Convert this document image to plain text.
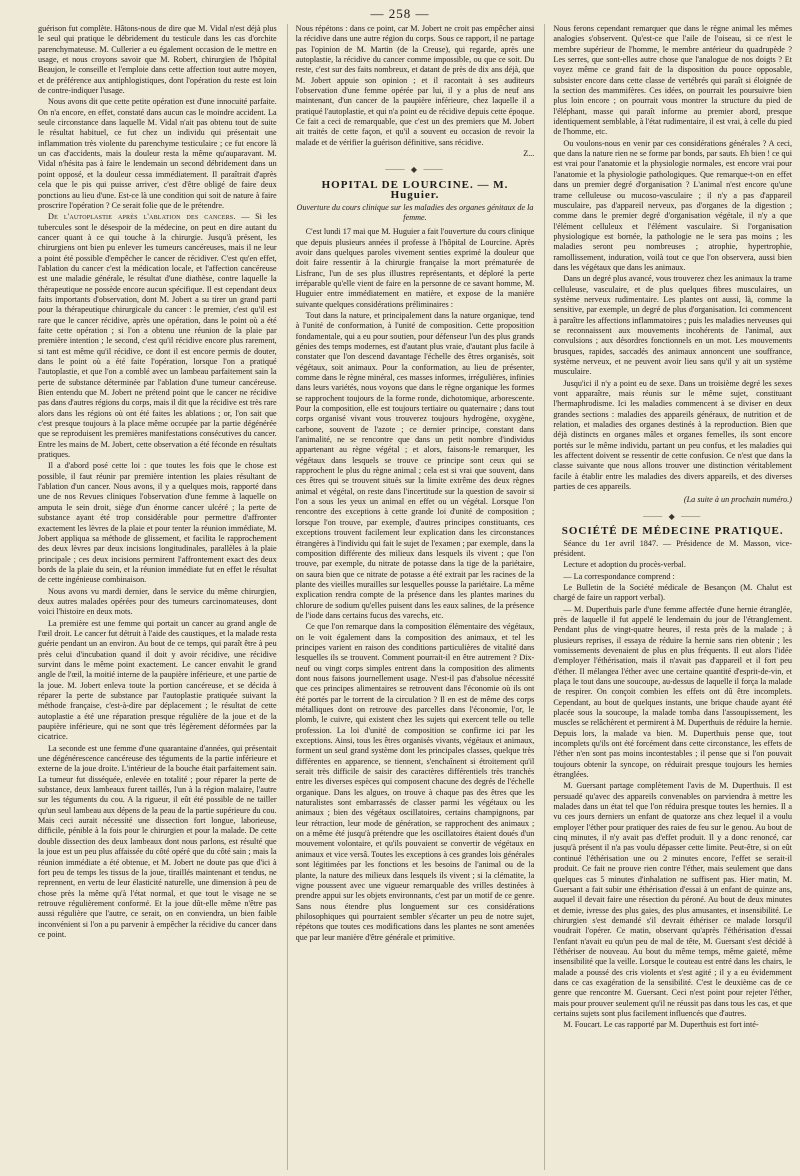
— 258 —

guérison fut complète. Hâtons-nous de dire que M. Vidal n'est déjà plus le seul qui pratique le débridement du testicule dans les cas d'orchite parenchymateuse. M. Cullerier a eu également occasion de le mettre en usage, et nous croyons savoir que M. Robert, chirurgien de l'hôpital Beaujon, le conseille et l'emploie dans cette affection tout autre moyen, et de préférence aux antiphlogistiques, dont l'opération du reste est loin de contre-indiquer l'usage.

Nous avons dit que cette petite opération est d'une innocuité parfaite. On n'a encore, en effet, constaté dans aucun cas le moindre accident. La seule circonstance dans laquelle M. Vidal n'ait pas obtenu tout de suite le résultat habituel, ce fut chez un individu qui présentait une inflammation très violente du parenchyme testiculaire ; ce fut encore là un cas d'accidents, mais la douleur resta la même qu'auparavant. M. Vidal n'hésita pas à faire le lendemain un second débridement dans un point opposé, et la douleur cessa immédiatement. Il paraîtrait d'après cela que le pis qui puisse arriver, c'est d'être obligé de faire deux ponctions au lieu d'une. Est-ce là une condition qui soit de nature à faire proscrire l'opération ? Ce serait folie que de le prétendre.

De l'autoplastie après l'ablation des cancers. — Si les tubercules sont le désespoir de la médecine, on peut en dire autant du cancer quant à ce qui touche à la chirurgie. Jusqu'à présent, les chirurgiens ont bien pu enlever les tumeurs cancéreuses, mais il ne leur a point été possible d'empêcher le cancer de récidiver. C'est qu'en effet, l'ablation du cancer c'est la médication locale, et l'affection cancéreuse est une maladie générale, le résultat d'une diathèse, contre laquelle la thérapeutique ne possède encore aucun spécifique. Il est cependant deux faits importants d'observation, dont M. Jobert a su tirer un grand parti pour la thérapeutique chirurgicale du cancer : le premier, c'est qu'il est rare que le cancer récidive, après une opération, dans le point où a été faite cette opération ; si l'on a obtenu une réunion de la plaie par première intention ; le second, c'est qu'il récidive encore plus rarement, si tant est même qu'il récidive, ce dont il est encore permis de douter, dans le point où a été faite l'opération, lorsque l'on a pratiqué l'autoplastie, et que l'on a comblé avec un lambeau parfaitement sain la perte de substance déterminée par l'ablation d'une tumeur cancéreuse. Bien entendu que M. Jobert ne prétend point que le cancer ne récidive pas dans d'autres régions du corps, mais il dit que la récidive est très rare alors dans les régions où ont été faites les ablations ; or, l'on sait que c'est presque toujours à la place même occupée par la partie dégénérée que se reproduisent les premières manifestations consécutives du cancer. Entre les mains de M. Jobert, cette observation a été féconde en résultats pratiques.

Il a d'abord posé cette loi : que toutes les fois que le chose est possible, il faut réunir par première intention les plaies résultant de l'ablation d'un cancer. Nous avons, il y a quelques mois, rapporté dans une de nos Revues cliniques l'observation d'une femme à laquelle on amputa le sein droit, siège d'un énorme cancer ulcéré ; la perte de substance ayant été trop considérable pour permettre d'affronter exactement les lèvres de la plaie et pour tenter la réunion immédiate, M. Jobert appliqua sa méthode de glissement, et facilita le rapprochement des deux lèvres par deux incisions longitudinales, parallèles à la plaie principale ; ces deux incisions permirent l'affrontement exact des deux bords de la plaie du sein, et la réunion immédiate fut en effet le résultat de cette ingénieuse combinaison.

Nous avons vu mardi dernier, dans le service du même chirurgien, deux autres malades opérées pour des tumeurs carcinomateuses, dont voici l'histoire en deux mots.

La première est une femme qui portait un cancer au grand angle de l'œil droit. Le cancer fut détruit à l'aide des caustiques, et la malade resta guérie pendant un an environ. Au bout de ce temps, qui paraît être à peu près celui d'incubation quand il doit y avoir récidive, une récidive survint dans le même point exactement. Le cancer envahit le grand angle de l'œil, la moitié interne de la paupière inférieure, et une partie de la joue. M. Jobert enleva toute la portion cancéreuse, et se décida à réparer la perte de substance par l'autoplastie pratiquée suivant la méthode française, c'est-à-dire par déplacement ; le résultat de cette autoplastie a été une réparation presque régulière de la joue et de la paupière inférieure, qui ne sont que très légèrement déformées par la cicatrice.

La seconde est une femme d'une quarantaine d'années, qui présentait une dégénérescence cancéreuse des téguments de la partie inférieure et externe de la joue droite. L'intérieur de la bouche était parfaitement sain. La tumeur fut disséquée, enlevée en totalité ; pour réparer la perte de substance, deux lambeaux furent taillés, l'un à la région malaire, l'autre sur les téguments du cou. A la rigueur, il eût été possible de ne tailler qu'un seul lambeau aux dépens de la peau de la partie supérieure du cou. Mais ceci aurait nécessité une dissection fort longue, laborieuse, difficile, pénible à la fois pour le chirurgien et pour la malade. De cette double dissection des deux lambeaux dont nous parlons, est résulté que la joue est un peu plus affaissée du côté opéré que du côté sain ; mais la réunion immédiate a été obtenue, et M. Jobert ne doute pas que d'ici à fort peu de temps les tissus de la joue, tiraillés maintenant et tendus, ne reprennent, en vertu de leur élasticité naturelle, une dimension à peu de chose près la même qu'à l'état normal, et que tout le visage ne se retrouve régulièrement conformé. Et la joue dût-elle même n'être pas aussi régulière que l'autre, ce serait, on en conviendra, un bien faible inconvénient si l'on a pu parvenir à empêcher la récidive du cancer dans ce point.

Nous répétons : dans ce point, car M. Jobert ne croit pas empêcher ainsi la récidive dans une autre région du corps. Sous ce rapport, il ne partage pas l'opinion de M. Martin (de la Creuse), qui regarde, après une autoplastie, la récidive du cancer comme impossible, ou que ce soit. Du reste, c'est sur des faits nombreux, et datant de près de dix ans déjà, que M. Jobert appuie son opinion ; et il racontait à ses auditeurs l'observation d'une femme opérée par lui, il y a plus de neuf ans maintenant, d'un cancer de la paupière inférieure, chez laquelle il a pratiqué l'autoplastie, et qui n'a point eu de récidive depuis cette époque. Ce fait a ceci de remarquable, que c'est un des premiers que M. Jobert ait traités de cette façon, et qu'il a souvent eu occasion de revoir la malade et de vérifier la guérison définitive, sans récidive.

Z...

⸻ ◆ ⸻
HOPITAL DE LOURCINE. — M. Huguier.
Ouverture du cours clinique sur les maladies des organes génitaux de la femme.

C'est lundi 17 mai que M. Huguier a fait l'ouverture du cours clinique que depuis plusieurs années il professe à l'hôpital de Lourcine. Après avoir dans quelques paroles vivement senties exprimé la douleur que doit faire ressentir à la chirurgie française la mort prématurée de Lisfranc, l'un de ses plus illustres représentants, et déploré la perte irréparable qu'elle vient de faire en la personne de ce savant homme, M. Huguier entre immédiatement en matière, et expose de la manière suivante quelques considérations préliminaires :

Tout dans la nature, et principalement dans la nature organique, tend à l'unité de conformation, à l'unité de composition. Cette proposition fondamentale, qui a eu pour soutien, pour défenseur l'un des plus grands génies des temps modernes, est d'autant plus vraie, d'autant plus facile à constater que l'on descend davantage l'échelle des êtres organisés, soit végétaux, soit animaux. Pour la conformation, au lieu de présenter, comme dans le règne minéral, ces masses informes, irrégulières, infinies dans leurs variétés, nous voyons que dans le règne organique les formes se rapprochent toujours de la forme ronde, dichotomique, arborescente. Pour la composition, elle est toujours tertiaire ou quaternaire ; dans tout corps organisé vivant vous trouverez toujours hydrogène, oxygène, carbone, souvent de l'azote ; ce dernier principe, constant dans l'animalité, ne se rencontre que dans un petit nombre d'individus appartenant au règne végétal ; et alors, faisons-le remarquer, les végétaux dans lesquels se trouve ce principe sont ceux qui se rapprochent le plus du règne animal ; cela est si vrai que souvent, dans ces êtres qui se trouvent situés sur la limite extrême des deux règnes animal et végétal, on reste dans l'incertitude sur la question de savoir si l'on a sous les yeux un animal en effet ou un végétal. Lorsque l'on rencontre des exceptions à cette grande loi d'unité de composition ; lorsque l'on trouve, par exemple, d'autres principes constituants, ces exceptions trouvent facilement leur explication dans les circonstances étrangères à l'individu qui fait le sujet de l'examen ; par exemple, dans la composition différente des milieux dans lesquels ils vivent ; que l'on trouve, par exemple, du nitrate de potasse dans la tige de la pariétaire, on saura bien que ce nitrate de potasse a été extrait par les racines de la plante des vieilles murailles sur lesquelles pousse la pariétaire. La même explication rendra compte de la présence dans les plantes marines du chlorure de sodium qu'elles puisent dans les eaux salines, de la présence de l'iode dans certains fucus des varechs, etc.

Ce que l'on remarque dans la composition élémentaire des végétaux, on le voit également dans la composition des animaux, et tel les principes varient en raison des conditions particulières de vitalité dans lesquelles ils se trouvent. Comment pourrait-il en être autrement ? Dix-neuf ou vingt corps simples entrent dans la composition des aliments dont nous faisons journellement usage. N'est-il pas d'absolue nécessité que ces principes alimentaires se retrouvent dans l'économie où ils ont été portés par le torrent de la circulation ? Il en est de même des corps métalliques dont on retrouve des parcelles dans l'économie, l'or, le plomb, le cuivre, qui existent chez les sujets qui exercent telle ou telle profession. La loi d'unité de composition se confirme ici par les exceptions. Ainsi, tous les êtres organisés vivants, végétaux et animaux, forment un seul grand système dont les principales classes, quelque très différentes en apparence, se tiennent, s'enchaînent si étroitement qu'il serait très difficile de saisir des caractères différentiels très tranchés entre les diverses espèces qui composent chacune des degrés de l'échelle organique. Dans les algues, on trouve à chaque pas des êtres que les naturalistes sont embarrassés de classer parmi les végétaux ou les animaux ; bien des végétaux oscillatoires, certains champignons, par leur rétraction, leur mode de génération, se rapprochent des animaux ; on a même été jusqu'à prétendre que les oscillatoires étaient doués d'un mouvement volontaire, et qu'ils pouvaient se convertir de végétaux en animaux et vice versâ. Toutes les exceptions à ces grandes lois générales sont légitimées par les fonctions et les besoins de l'animal ou de la plante, la nature des milieux dans lesquels ils vivent ; si la clématite, la vigne poussent avec une vigueur remarquable des vrilles destinées à prendre appui sur les objets environnants, c'est par un motif de ce genre. Sans nous étendre plus longuement sur ces considérations philosophiques qui pourraient sembler s'écarter un peu de notre sujet, répétons que toutes ces modifications dans les plantes ne sont amenées que par leur manière d'être générale et primitive.

Nous ferons cependant remarquer que dans le règne animal les mêmes analogies s'observent. Qu'est-ce que l'aile de l'oiseau, si ce n'est le membre supérieur de l'homme, le membre antérieur du quadrupède ? Les serres, que sont-elles autre chose que l'analogue de nos doigts ? Et voyez même ce grand fait de la disposition du pouce opposable, subsister encore dans cette classe de vertébrés qui paraît si éloignée de la section des mammifères. Ces idées, on pourrait les poursuivre bien plus loin encore ; on pourrait vous montrer la structure du pied de l'éléphant, masse qui paraît informe au premier abord, presque identiquement semblable, à l'état rudimentaire, il est vrai, à celle du pied de l'homme, etc.

Ou voulons-nous en venir par ces considérations générales ? A ceci, que dans la nature rien ne se forme par bonds, par sauts. Eh bien ! ce qui est vrai pour l'anatomie et la physiologie normales, est encore vrai pour l'anatomie et la physiologie pathologiques. Que remarque-t-on en effet dans un premier degré d'organisation ? L'animal n'est encore qu'une trame celluleuse ou mucoso-vasculaire ; il n'y a pas d'appareil musculaire, pas d'appareil nerveux, pas d'organes de la digestion ; comme dans le premier degré d'organisation végétale, il n'y a que l'élément celluleux et l'élément vasculaire. Si l'organisation physiologique est bornée, la pathologie ne le sera pas moins ; les maladies seront peu nombreuses ; atrophie, hypertrophie, ramollissement, induration, voilà tout ce que l'on observera, aussi bien dans les végétaux que dans les animaux.

Dans un degré plus avancé, vous trouverez chez les animaux la trame celluleuse, vasculaire, et de plus quelques fibres musculaires, un système nerveux rudimentaire. Les plantes ont aussi, là, comme la sensitive, par exemple, un degré de plus d'organisation. Ici commencent à paraître les affections inflammatoires ; puis les maladies nerveuses qui se reconnaissent aux mouvements incohérents de l'animal, aux convulsions ; aux désordres fonctionnels en un mot. Les mouvements brusques, rapides, saccadés des animaux annoncent une souffrance, système nerveux, et ne peuvent avoir lieu sans qu'il y ait un système musculaire.

Jusqu'ici il n'y a point eu de sexe. Dans un troisième degré les sexes vont apparaître, mais réunis sur le même sujet, constituant l'hermaphrodisme. Ici les maladies commencent à se diviser en deux grandes sections : maladies des appareils généraux, de nutrition et de relation, et maladies des organes destinés à la reproduction. Bien que déjà distincts en organes mâles et organes femelles, ils sont encore portés sur le même individu, partant un peu confus, et les maladies qui les affectent doivent se ressentir de cette confusion. Ce n'est que dans la classe suivante que nous allons trouver une distinction véritablement facile à établir entre les maladies des divers appareils, et des diverses parties de ces appareils.

(La suite à un prochain numéro.)
⸻ ◆ ⸻
SOCIÉTÉ DE MÉDECINE PRATIQUE.

Séance du 1er avril 1847. — Présidence de M. Masson, vice-président.

Lecture et adoption du procès-verbal.

— La correspondance comprend :

Le Bulletin de la Société médicale de Besançon (M. Chalut est chargé de faire un rapport verbal).

— M. Duperthuis parle d'une femme affectée d'une hernie étranglée, près de laquelle il fut appelé le lendemain du jour de l'étranglement. Pendant plus de vingt-quatre heures, il resta près de la malade ; à plusieurs reprises, il essaya de réduire la hernie sans rien obtenir ; les vomissements devenaient de plus en plus fréquents. Il eut alors l'idée d'employer l'éthérisation, mais il n'avait pas d'appareil et il fort peu d'éther. Il mélangea l'éther avec une certaine quantité d'esprit-de-vin, et plaça le tout dans une soucoupe, au-dessus de laquelle il força la malade de respirer. On conçoit combien les effets ont dû être incomplets. Cependant, au bout de quelques instants, une brique chaude ayant été placée sous la soucoupe, la malade tomba dans l'assoupissement, les muscles se relâchèrent et permirent à M. Duperthuis de réduire la hernie. Depuis lors, la malade va bien. M. Duperthuis pense que, tout incomplets qu'ils ont été forcément dans cette circonstance, les effets de l'éther n'en sont pas moins incontestables ; il pense que si l'on pouvait toujours obtenir la syncope, on réduirait presque toujours les hernies étranglées.

M. Guersant partage complètement l'avis de M. Duperthuis. Il est persuadé qu'avec des appareils convenables on parviendra à mettre les malades dans un état tel que l'on réduira presque toutes les hernies. Il a vu ces jours derniers un enfant de quatorze ans chez lequel il a voulu employer l'éther pour pratiquer des raies de feu sur le genou. Au bout de cinq minutes, il n'y avait pas d'effet produit. Il y a donc renoncé, car jusqu'à présent il n'a pas voulu dépasser cette limite. Peut-être, si on eût continué l'éthérisation une ou 2 minutes encore, l'effet se serait-il produit. Ce fait ne prouve rien contre l'éther, mais seulement que dans quelques cas 5 minutes d'inhalation ne suffisent pas. Hier matin, M. Guersant a fait subir une éthérisation d'essai à un enfant de quinze ans, auquel il devait faire une résection du péroné. Au bout de deux minutes et demie, ivresse des plus gaies, des plus amusantes, et insensibilité. Le chirurgien s'est demandé s'il devrait éthériser ce malade lorsqu'il voudrait l'opérer. Ce matin, observant qu'après l'éthérisation d'essai l'enfant n'avait eu qu'un peu de mal de tête, M. Guersant s'est décidé à l'éthériser de nouveau. Au bout du même temps, même gaieté, même insensibilité que la veille. Lorsque le couteau est entré dans les chairs, le malade a poussé des cris violents et s'est agité ; il y a eu évidemment dans ce cas exagération de la sensibilité. C'est le deuxième cas de ce genre que rencontre M. Guersant. Ceci n'est point pour rejeter l'éther, mais pour prouver seulement qu'il ne réussit pas dans tous les cas, et que certains sujets sont plus facilement influencés que d'autres.

M. Foucart. Le cas rapporté par M. Duperthuis est fort inté-
